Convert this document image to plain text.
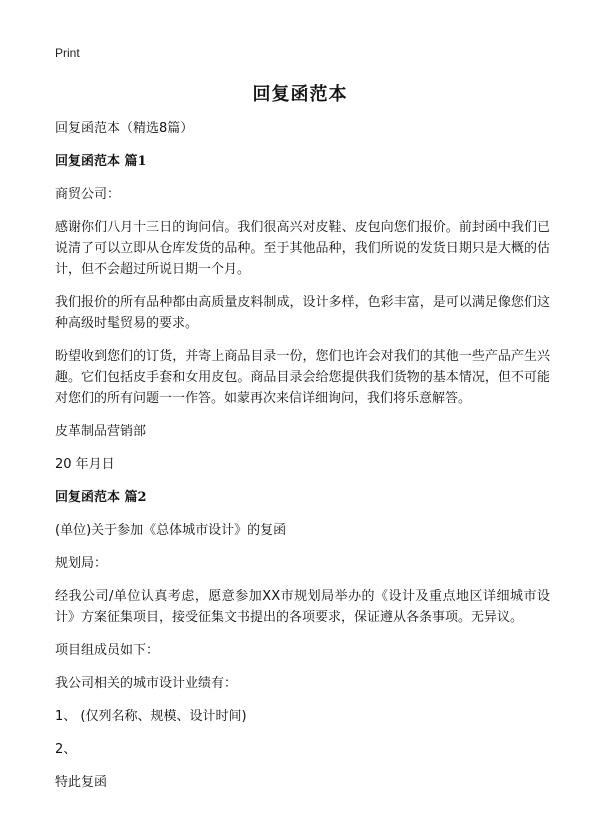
Print
回复函范本

回复函范本（精选8篇）

回复函范本 篇1

商贸公司：

感谢你们八月十三日的询问信。我们很高兴对皮鞋、皮包向您们报价。前封函中我们已说清了可以立即从仓库发货的品种。至于其他品种，我们所说的发货日期只是大概的估计，但不会超过所说日期一个月。

我们报价的所有品种都由高质量皮料制成，设计多样，色彩丰富，是可以满足像您们这种高级时髦贸易的要求。

盼望收到您们的订货，并寄上商品目录一份，您们也许会对我们的其他一些产品产生兴趣。它们包括皮手套和女用皮包。商品目录会给您提供我们货物的基本情况，但不可能对您们的所有问题一一作答。如蒙再次来信详细询问，我们将乐意解答。

皮革制品营销部

20 年月日

回复函范本 篇2

(单位)关于参加《总体城市设计》的复函

规划局：

经我公司/单位认真考虑，愿意参加XX市规划局举办的《设计及重点地区详细城市设计》方案征集项目，接受征集文书提出的各项要求，保证遵从各条事项。无异议。

项目组成员如下：

我公司相关的城市设计业绩有：

1、 (仅列名称、规模、设计时间)

2、

特此复函
